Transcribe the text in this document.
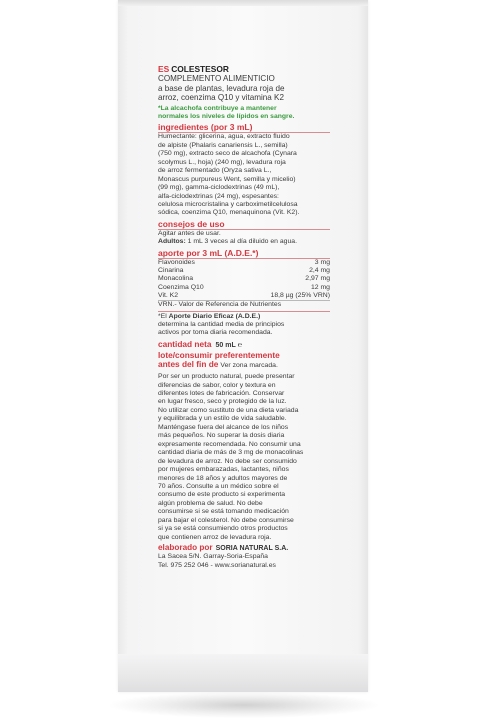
ES COLESTESOR

COMPLEMENTO ALIMENTICIO

a base de plantas, levadura roja de

arroz, coenzima Q10 y vitamina K2

*La alcachofa contribuye a mantener
normales los niveles de lípidos en sangre.

ingredientes (por 3 mL)

Humectante: glicerina, agua, extracto fluido

de alpiste (Phalaris canariensis L., semilla)

(750 mg), extracto seco de alcachofa (Cynara

scolymus L., hoja) (240 mg), levadura roja

de arroz fermentado (Oryza sativa L.,

Monascus purpureus Went, semilla y micelio)

(99 mg), gamma-ciclodextrinas (49 mL),

alfa-ciclodextrinas (24 mg), espesantes:

celulosa microcristalina y carboximetilcelulosa

sódica, coenzima Q10, menaquinona (Vit. K2).

consejos de uso

Agitar antes de usar.

Adultos: 1 mL 3 veces al día diluido en agua.

aporte por 3 mL (A.D.E.*)

Flavonoides	3 mg
Cinarina	2,4 mg
Monacolina	2,97 mg
Coenzima Q10	12 mg
Vit. K2	18,8 µg (25% VRN)

VRN.- Valor de Referencia de Nutrientes

*El Aporte Diario Eficaz (A.D.E.)

determina la cantidad media de principios

activos por toma diaria recomendada.

cantidad neta 50 mL ℮

lote/consumir preferentemente

antes del fin de Ver zona marcada.

Por ser un producto natural, puede presentar

diferencias de sabor, color y textura en

diferentes lotes de fabricación. Conservar

en lugar fresco, seco y protegido de la luz.

No utilizar como sustituto de una dieta variada

y equilibrada y un estilo de vida saludable.

Manténgase fuera del alcance de los niños

más pequeños. No superar la dosis diaria

expresamente recomendada. No consumir una

cantidad diaria de más de 3 mg de monacolinas

de levadura de arroz. No debe ser consumido

por mujeres embarazadas, lactantes, niños

menores de 18 años y adultos mayores de

70 años. Consulte a un médico sobre el

consumo de este producto si experimenta

algún problema de salud. No debe

consumirse si se está tomando medicación

para bajar el colesterol. No debe consumirse

si ya se está consumiendo otros productos

que contienen arroz de levadura roja.

elaborado por SORIA NATURAL S.A.

La Sacea 5/N. Garray-Soria-España

Tel. 975 252 046 - www.sorianatural.es
